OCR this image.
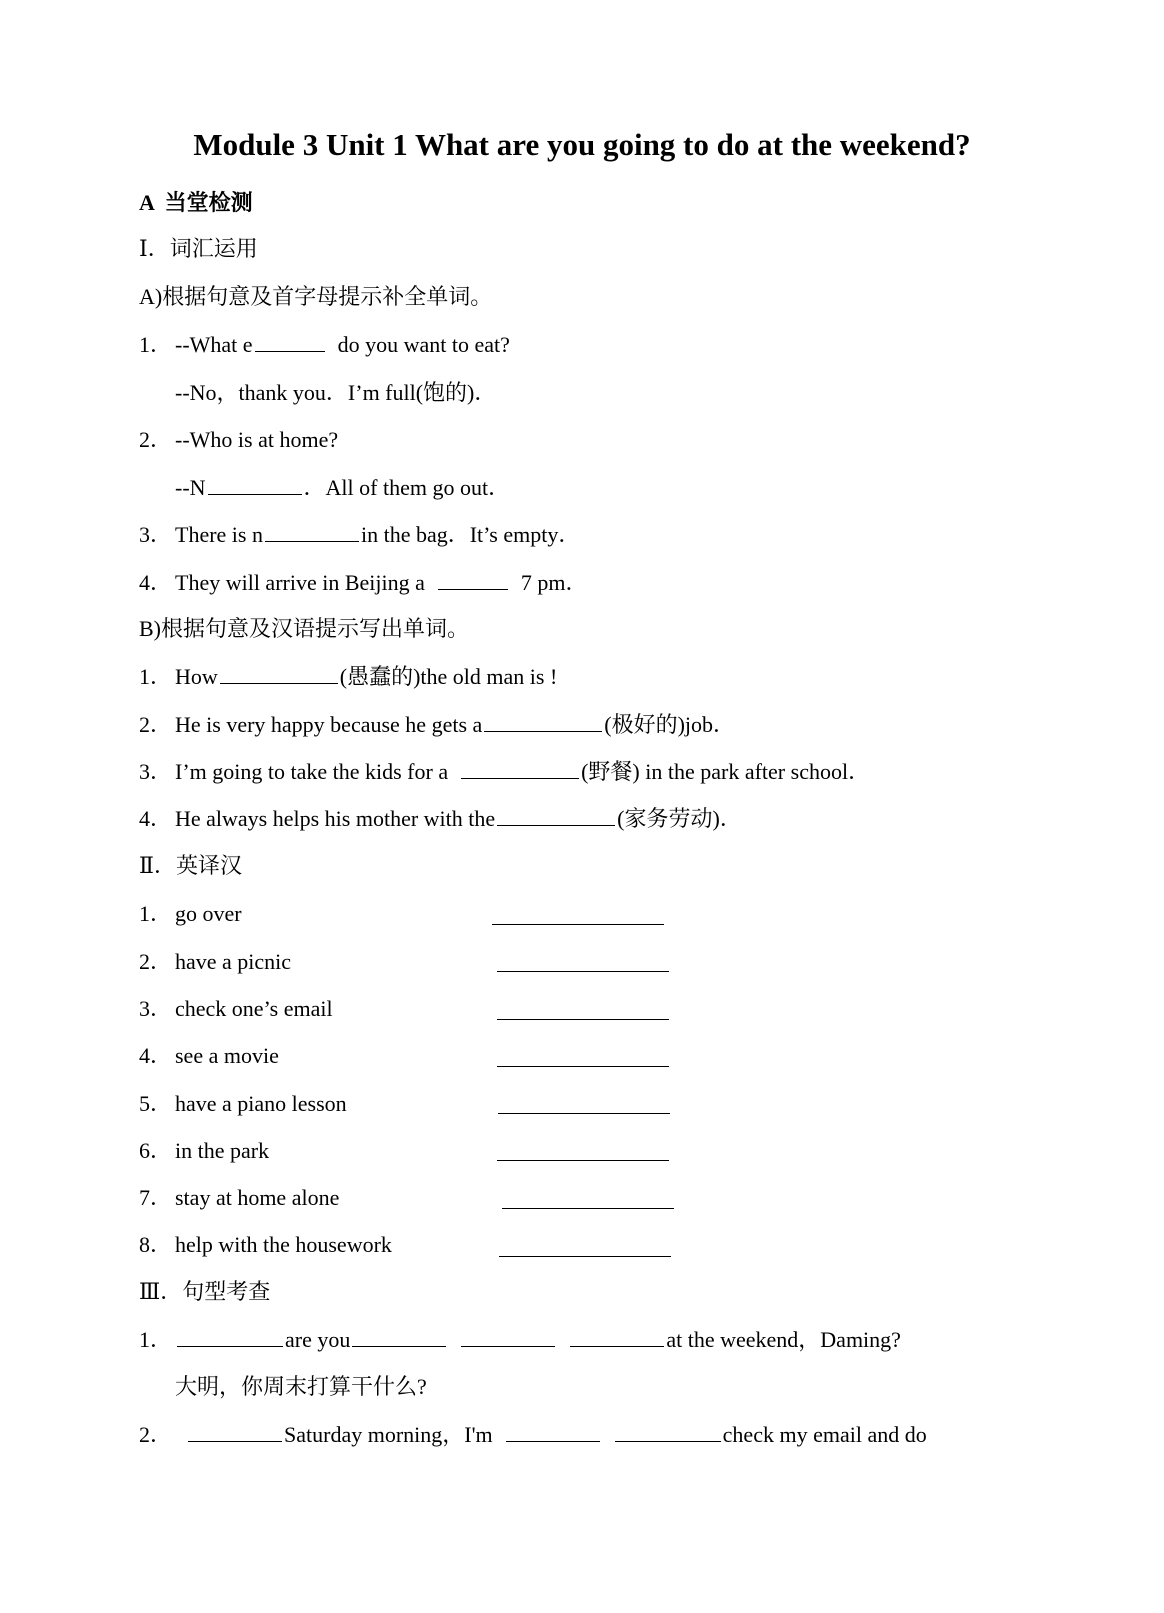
Module 3 Unit 1 What are you going to do at the weekend?
A  当堂检测
Ⅰ．词汇运用
A)根据句意及首字母提示补全单词。
1． --What e	do you want to eat?
--No，thank you．I’m full(饱的)．
2． --Who is at home?
--N	．All of them go out．
3． There is n	in the bag．It’s empty．
4． They will arrive in Beijing a	7 pm．
B)根据句意及汉语提示写出单词。
1． How	(愚蠢的)the old man is !
2． He is very happy because he gets a	(极好的)job．
3． I’m going to take the kids for a	(野餐) in the park after school．
4． He always helps his mother with the	(家务劳动)．
Ⅱ．英译汉
1． go over
2． have a picnic
3． check one’s email
4． see a movie
5． have a piano lesson
6． in the park
7． stay at home alone
8． help with the housework
Ⅲ．句型考查
1．	are you	at the weekend，Daming?
大明，你周末打算干什么?
2．	Saturday morning，I'm	check my email and do
